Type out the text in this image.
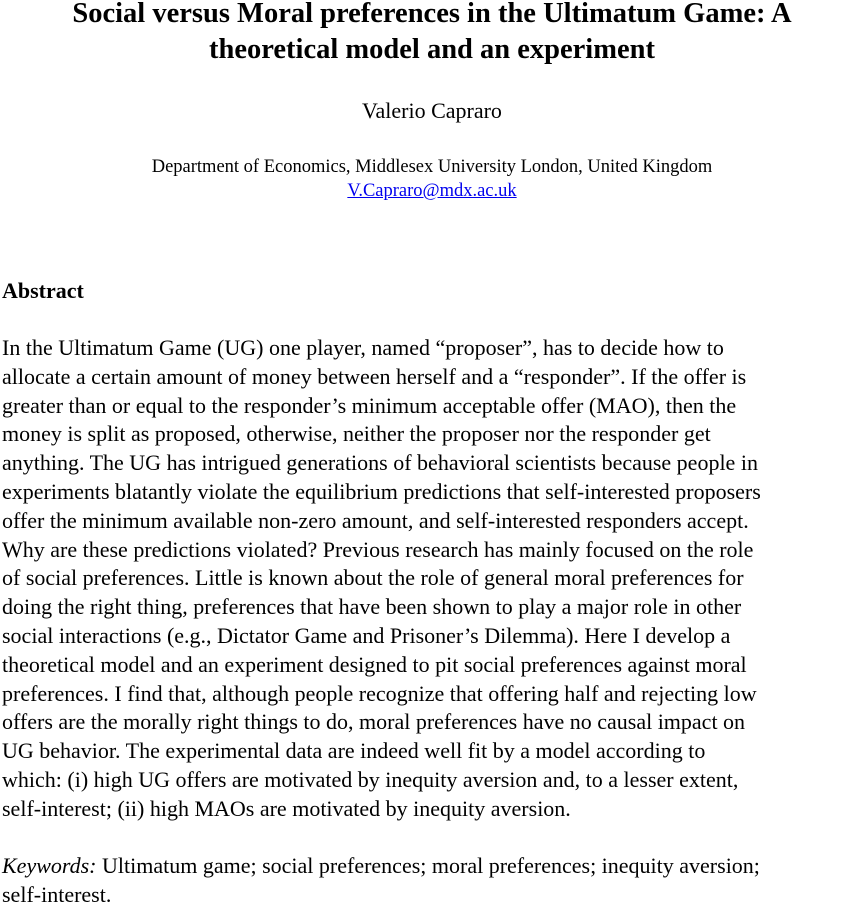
Social versus Moral preferences in the Ultimatum Game: A
theoretical model and an experiment
Valerio Capraro
Department of Economics, Middlesex University London, United Kingdom
V.Capraro@mdx.ac.uk
Abstract
In the Ultimatum Game (UG) one player, named “proposer”, has to decide how to
allocate a certain amount of money between herself and a “responder”. If the offer is
greater than or equal to the responder’s minimum acceptable offer (MAO), then the
money is split as proposed, otherwise, neither the proposer nor the responder get
anything. The UG has intrigued generations of behavioral scientists because people in
experiments blatantly violate the equilibrium predictions that self-interested proposers
offer the minimum available non-zero amount, and self-interested responders accept.
Why are these predictions violated? Previous research has mainly focused on the role
of social preferences. Little is known about the role of general moral preferences for
doing the right thing, preferences that have been shown to play a major role in other
social interactions (e.g., Dictator Game and Prisoner’s Dilemma). Here I develop a
theoretical model and an experiment designed to pit social preferences against moral
preferences. I find that, although people recognize that offering half and rejecting low
offers are the morally right things to do, moral preferences have no causal impact on
UG behavior. The experimental data are indeed well fit by a model according to
which: (i) high UG offers are motivated by inequity aversion and, to a lesser extent,
self-interest; (ii) high MAOs are motivated by inequity aversion.
Keywords: Ultimatum game; social preferences; moral preferences; inequity aversion;
self-interest.
